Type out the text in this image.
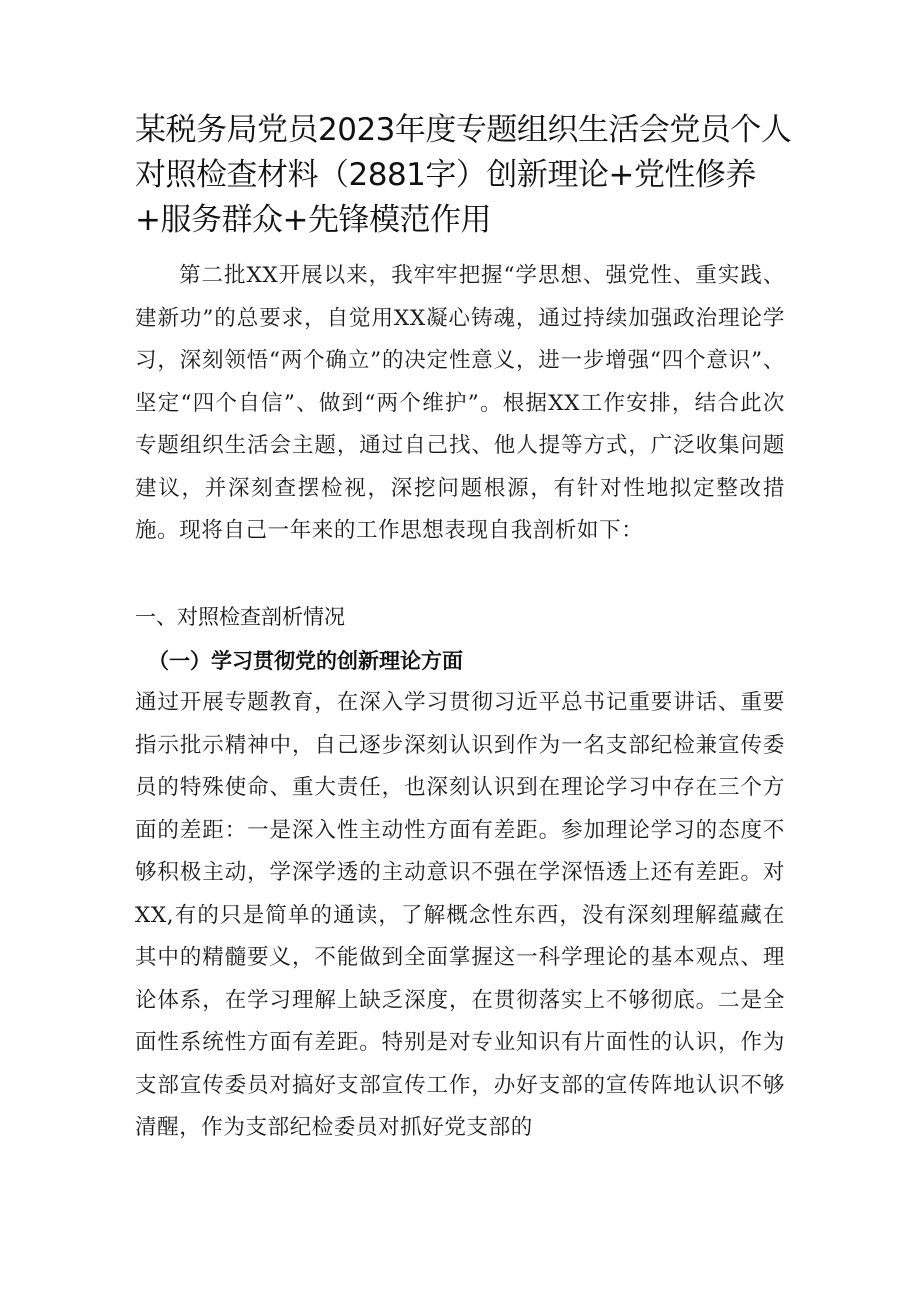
某税务局党员2023年度专题组织生活会党员个人对照检查材料（2881字）创新理论+党性修养+服务群众+先锋模范作用

第二批XX开展以来，我牢牢把握“学思想、强党性、重实践、建新功”的总要求，自觉用XX凝心铸魂，通过持续加强政治理论学习，深刻领悟“两个确立”的决定性意义，进一步增强“四个意识”、坚定“四个自信”、做到“两个维护”。根据XX工作安排，结合此次专题组织生活会主题，通过自己找、他人提等方式，广泛收集问题建议，并深刻查摆检视，深挖问题根源，有针对性地拟定整改措施。现将自己一年来的工作思想表现自我剖析如下：

一、对照检查剖析情况
（一）学习贯彻党的创新理论方面

通过开展专题教育，在深入学习贯彻习近平总书记重要讲话、重要指示批示精神中，自己逐步深刻认识到作为一名支部纪检兼宣传委员的特殊使命、重大责任，也深刻认识到在理论学习中存在三个方面的差距：一是深入性主动性方面有差距。参加理论学习的态度不够积极主动，学深学透的主动意识不强在学深悟透上还有差距。对XX,有的只是简单的通读，了解概念性东西，没有深刻理解蕴藏在其中的精髓要义，不能做到全面掌握这一科学理论的基本观点、理论体系，在学习理解上缺乏深度，在贯彻落实上不够彻底。二是全面性系统性方面有差距。特别是对专业知识有片面性的认识，作为支部宣传委员对搞好支部宣传工作，办好支部的宣传阵地认识不够清醒，作为支部纪检委员对抓好党支部的
